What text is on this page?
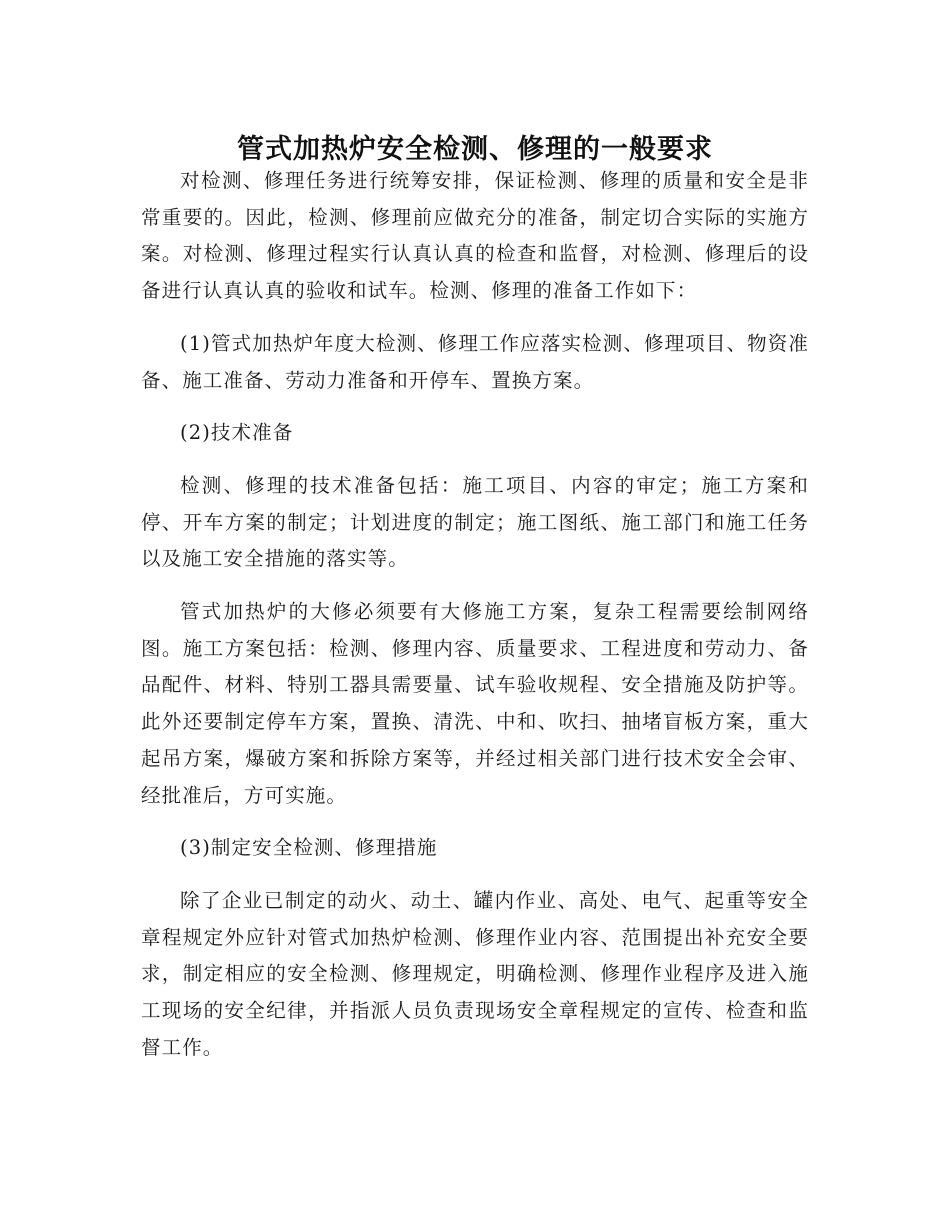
管式加热炉安全检测、修理的一般要求

对检测、修理任务进行统筹安排，保证检测、修理的质量和安全是非常重要的。因此，检测、修理前应做充分的准备，制定切合实际的实施方案。对检测、修理过程实行认真认真的检查和监督，对检测、修理后的设备进行认真认真的验收和试车。检测、修理的准备工作如下：

(1)管式加热炉年度大检测、修理工作应落实检测、修理项目、物资准备、施工准备、劳动力准备和开停车、置换方案。

(2)技术准备

检测、修理的技术准备包括：施工项目、内容的审定；施工方案和停、开车方案的制定；计划进度的制定；施工图纸、施工部门和施工任务以及施工安全措施的落实等。

管式加热炉的大修必须要有大修施工方案，复杂工程需要绘制网络图。施工方案包括：检测、修理内容、质量要求、工程进度和劳动力、备品配件、材料、特别工器具需要量、试车验收规程、安全措施及防护等。此外还要制定停车方案，置换、清洗、中和、吹扫、抽堵盲板方案，重大起吊方案，爆破方案和拆除方案等，并经过相关部门进行技术安全会审、经批准后，方可实施。

(3)制定安全检测、修理措施

除了企业已制定的动火、动土、罐内作业、高处、电气、起重等安全章程规定外应针对管式加热炉检测、修理作业内容、范围提出补充安全要求，制定相应的安全检测、修理规定，明确检测、修理作业程序及进入施工现场的安全纪律，并指派人员负责现场安全章程规定的宣传、检查和监督工作。
